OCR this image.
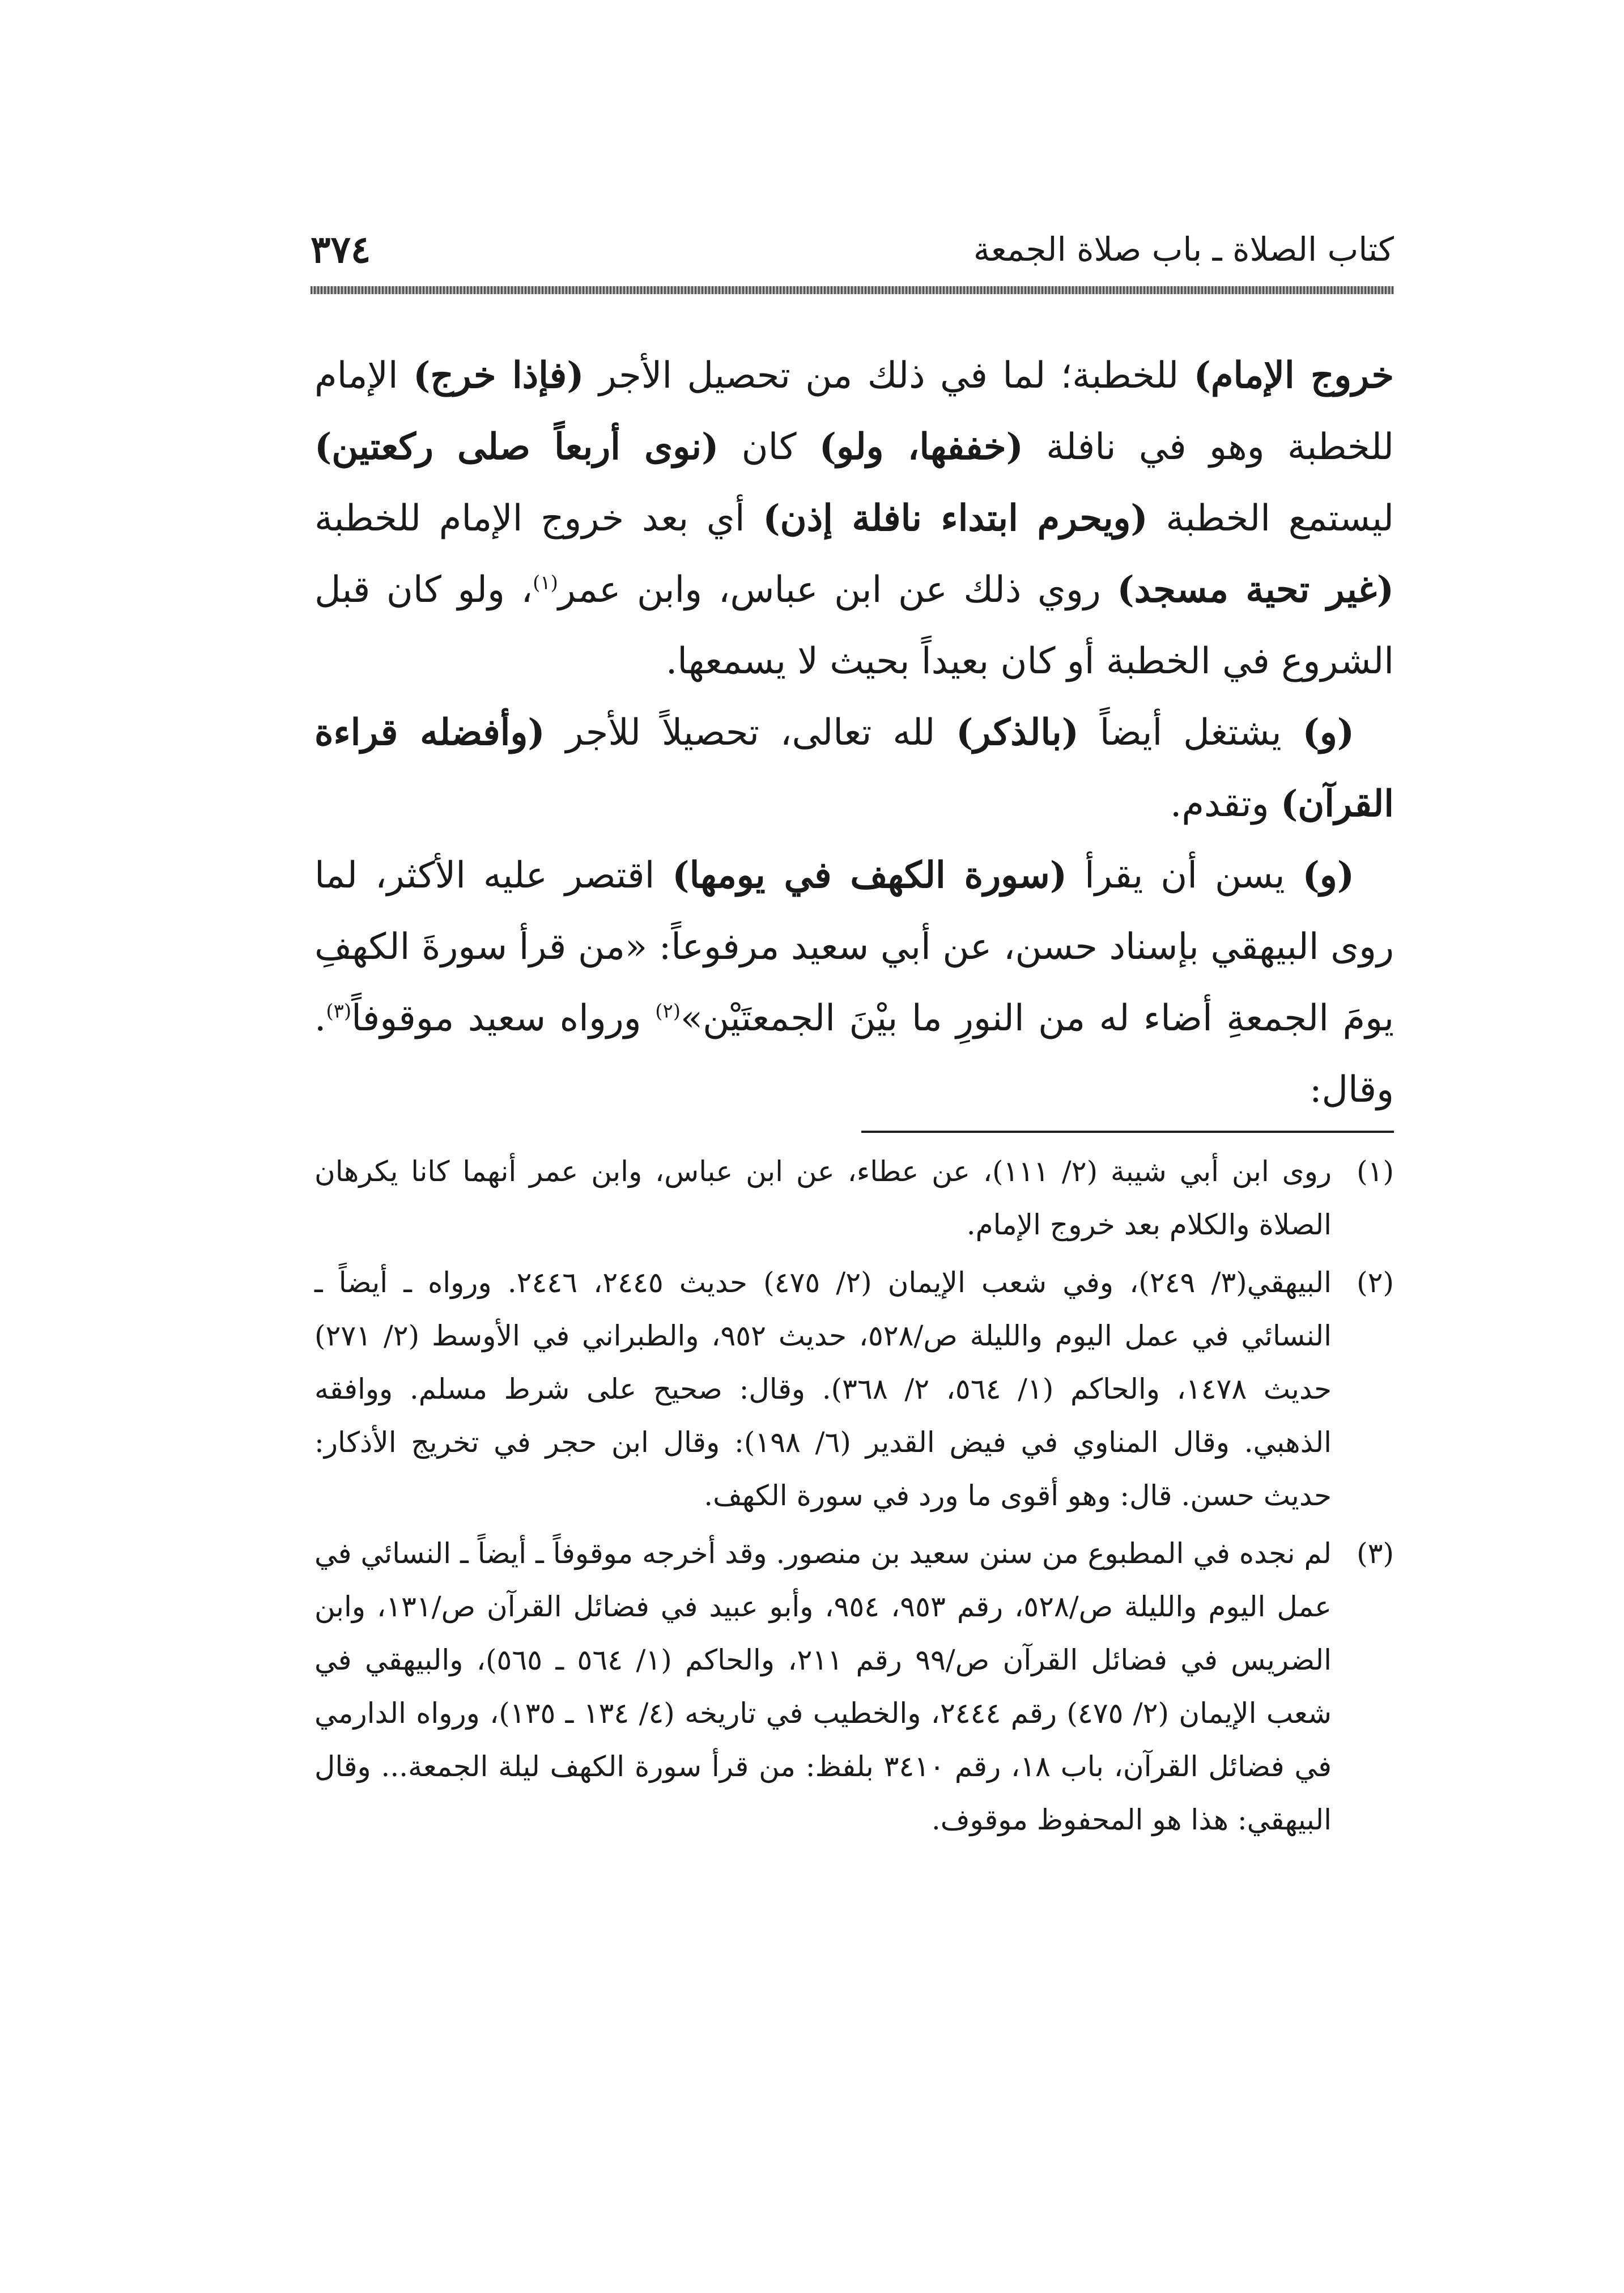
كتاب الصلاة ـ باب صلاة الجمعة
٣٧٤

خروج الإمام) للخطبة؛ لما في ذلك من تحصيل الأجر (فإذا خرج) الإمام للخطبة وهو في نافلة (خففها، ولو) كان (نوى أربعاً صلى ركعتين) ليستمع الخطبة (ويحرم ابتداء نافلة إذن) أي بعد خروج الإمام للخطبة (غير تحية مسجد) روي ذلك عن ابن عباس، وابن عمر$^{(١)}$، ولو كان قبل الشروع في الخطبة أو كان بعيداً بحيث لا يسمعها.

(و) يشتغل أيضاً (بالذكر) لله تعالى، تحصيلاً للأجر (وأفضله قراءة القرآن) وتقدم.

(و) يسن أن يقرأ (سورة الكهف في يومها) اقتصر عليه الأكثر، لما روى البيهقي بإسناد حسن، عن أبي سعيد مرفوعاً: «من قرأ سورةَ الكهفِ يومَ الجمعةِ أضاء له من النورِ ما بيْنَ الجمعتَيْن»$^{(٢)}$ ورواه سعيد موقوفاً$^{(٣)}$. وقال:

(١)
روى ابن أبي شيبة (٢/ ١١١)، عن عطاء، عن ابن عباس، وابن عمر أنهما كانا يكرهان الصلاة والكلام بعد خروج الإمام.
(٢)
البيهقي(٣/ ٢٤٩)، وفي شعب الإيمان (٢/ ٤٧٥) حديث ٢٤٤٥، ٢٤٤٦. ورواه ـ أيضاً ـ النسائي في عمل اليوم والليلة ص/٥٢٨، حديث ٩٥٢، والطبراني في الأوسط (٢/ ٢٧١) حديث ١٤٧٨، والحاكم (١/ ٥٦٤، ٢/ ٣٦٨). وقال: صحيح على شرط مسلم. ووافقه الذهبي. وقال المناوي في فيض القدير (٦/ ١٩٨): وقال ابن حجر في تخريج الأذكار: حديث حسن. قال: وهو أقوى ما ورد في سورة الكهف.
(٣)
لم نجده في المطبوع من سنن سعيد بن منصور. وقد أخرجه موقوفاً ـ أيضاً ـ النسائي في عمل اليوم والليلة ص/٥٢٨، رقم ٩٥٣، ٩٥٤، وأبو عبيد في فضائل القرآن ص/١٣١، وابن الضريس في فضائل القرآن ص/٩٩ رقم ٢١١، والحاكم (١/ ٥٦٤ ـ ٥٦٥)، والبيهقي في شعب الإيمان (٢/ ٤٧٥) رقم ٢٤٤٤، والخطيب في تاريخه (٤/ ١٣٤ ـ ١٣٥)، ورواه الدارمي في فضائل القرآن، باب ١٨، رقم ٣٤١٠ بلفظ: من قرأ سورة الكهف ليلة الجمعة... وقال البيهقي: هذا هو المحفوظ موقوف.
